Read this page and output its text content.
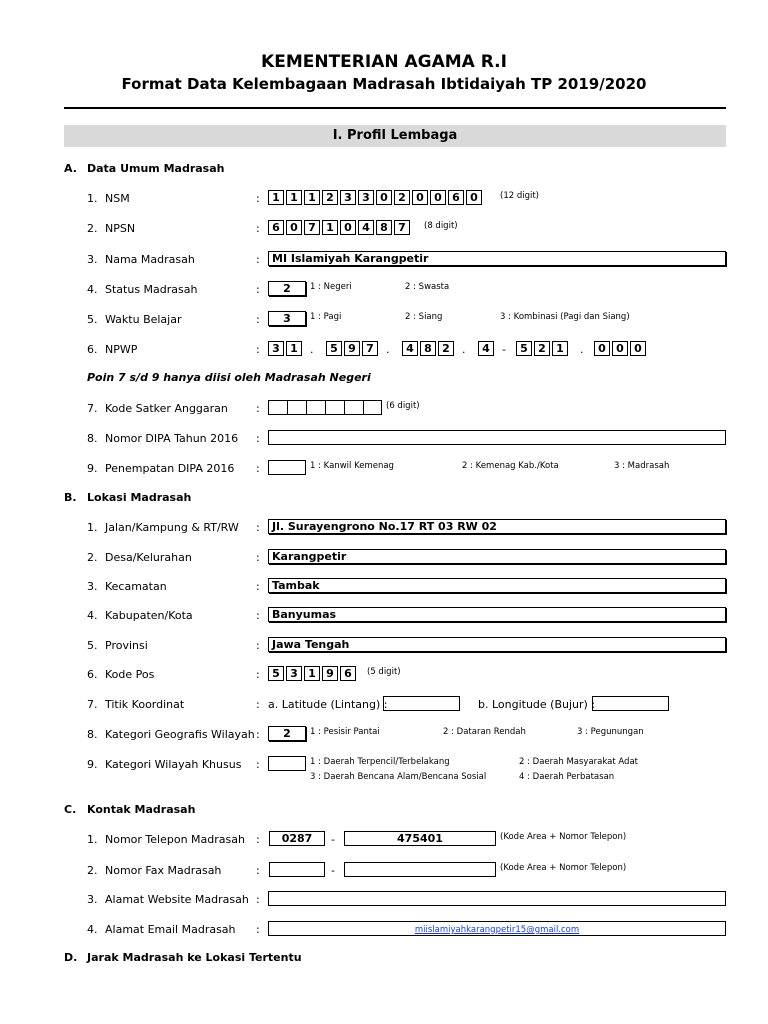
KEMENTERIAN AGAMA R.I
Format Data Kelembagaan Madrasah Ibtidaiyah TP 2019/2020
I. Profil Lembaga
A. Data Umum Madrasah
1. NSM	:	1 1 1 2 3 3 0 2 0 0 6 0	(12 digit)
2. NPSN	:	6 0 7 1 0 4 8 7	(8 digit)
3. Nama Madrasah	:	MI Islamiyah Karangpetir
4. Status Madrasah	:	2	1 : Negeri	2 : Swasta
5. Waktu Belajar	:	3	1 : Pagi	2 : Siang	3 : Kombinasi (Pagi dan Siang)
6. NPWP	:	3 1	.	5 9 7	.	4 8 2	.	4	-	5 2 1	.	0 0 0
Poin 7 s/d 9 hanya diisi oleh Madrasah Negeri
7. Kode Satker Anggaran	:	(6 digit)
8. Nomor DIPA Tahun 2016 :
9. Penempatan DIPA 2016 :	1 : Kanwil Kemenag	2 : Kemenag Kab./Kota	3 : Madrasah
B. Lokasi Madrasah
1. Jalan/Kampung & RT/RW :	Jl. Surayengrono No.17 RT 03 RW 02
2. Desa/Kelurahan	:	Karangpetir
3. Kecamatan	:	Tambak
4. Kabupaten/Kota	:	Banyumas
5. Provinsi	:	Jawa Tengah
6. Kode Pos	:	5 3 1 9 6	(5 digit)
7. Titik Koordinat	: a. Latitude (Lintang) :	b. Longitude (Bujur) :
8. Kategori Geografis Wilayah :	2	1 : Pesisir Pantai	2 : Dataran Rendah	3 : Pegunungan
9. Kategori Wilayah Khusus :	1 : Daerah Terpencil/Terbelakang	2 : Daerah Masyarakat Adat
3 : Daerah Bencana Alam/Bencana Sosial	4 : Daerah Perbatasan
C. Kontak Madrasah
1. Nomor Telepon Madrasah :	0287	-	475401	(Kode Area + Nomor Telepon)
2. Nomor Fax Madrasah	:	-	(Kode Area + Nomor Telepon)
3. Alamat Website Madrasah :
4. Alamat Email Madrasah :	miislamiyahkarangpetir15@gmail.com
D. Jarak Madrasah ke Lokasi Tertentu
